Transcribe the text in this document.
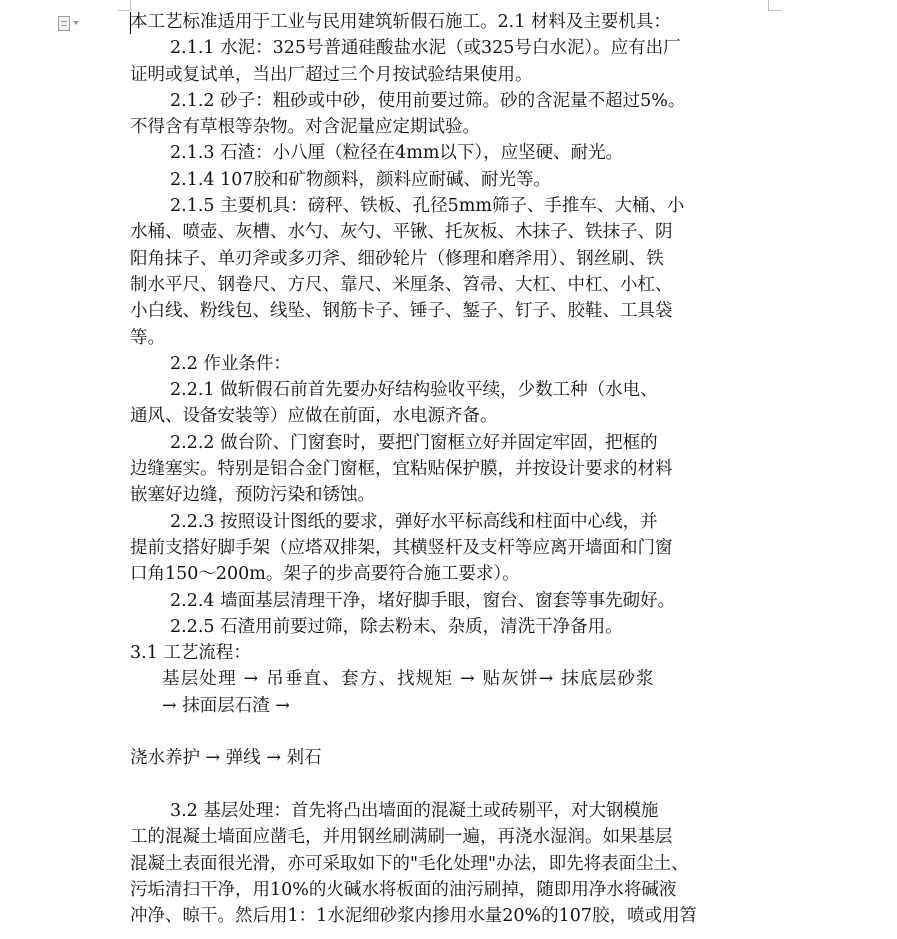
本工艺标准适用于工业与民用建筑斩假石施工。2.1 材料及主要机具：
2.1.1 水泥：325号普通硅酸盐水泥（或325号白水泥）。应有出厂
证明或复试单，当出厂超过三个月按试验结果使用。
2.1.2 砂子：粗砂或中砂，使用前要过筛。砂的含泥量不超过5%。
不得含有草根等杂物。对含泥量应定期试验。
2.1.3 石渣：小八厘（粒径在4mm以下），应坚硬、耐光。
2.1.4 107胶和矿物颜料，颜料应耐碱、耐光等。
2.1.5 主要机具：磅秤、铁板、孔径5mm筛子、手推车、大桶、小
水桶、喷壶、灰槽、水勺、灰勺、平锹、托灰板、木抹子、铁抹子、阴
阳角抹子、单刃斧或多刃斧、细砂轮片（修理和磨斧用）、钢丝刷、铁
制水平尺、钢卷尺、方尺、靠尺、米厘条、笤帚、大杠、中杠、小杠、
小白线、粉线包、线坠、钢筋卡子、锤子、錾子、钉子、胶鞋、工具袋
等。
2.2 作业条件：
2.2.1 做斩假石前首先要办好结构验收平续，少数工种（水电、
通风、设备安装等）应做在前面，水电源齐备。
2.2.2 做台阶、门窗套时，要把门窗框立好并固定牢固，把框的
边缝塞实。特别是铝合金门窗框，宜粘贴保护膜，并按设计要求的材料
嵌塞好边缝，预防污染和锈蚀。
2.2.3 按照设计图纸的要求，弹好水平标高线和柱面中心线，并
提前支搭好脚手架（应塔双排架，其横竖杆及支杆等应离开墙面和门窗
口角150～200m。架子的步高要符合施工要求）。
2.2.4 墙面基层清理干净，堵好脚手眼，窗台、窗套等事先砌好。
2.2.5 石渣用前要过筛，除去粉末、杂质，清洗干净备用。
3.1 工艺流程：
基层处理 → 吊垂直、套方、找规矩 → 贴灰饼→ 抹底层砂浆
→ 抹面层石渣 →
浇水养护 → 弹线 → 剁石
3.2 基层处理：首先将凸出墙面的混凝土或砖剔平，对大钢模施
工的混凝土墙面应凿毛，并用钢丝刷满刷一遍，再浇水湿润。如果基层
混凝土表面很光滑，亦可采取如下的"毛化处理"办法，即先将表面尘土、
污垢清扫干净，用10%的火碱水将板面的油污刷掉，随即用净水将碱液
冲净、晾干。然后用1：1水泥细砂浆内掺用水量20%的107胶，喷或用笤
